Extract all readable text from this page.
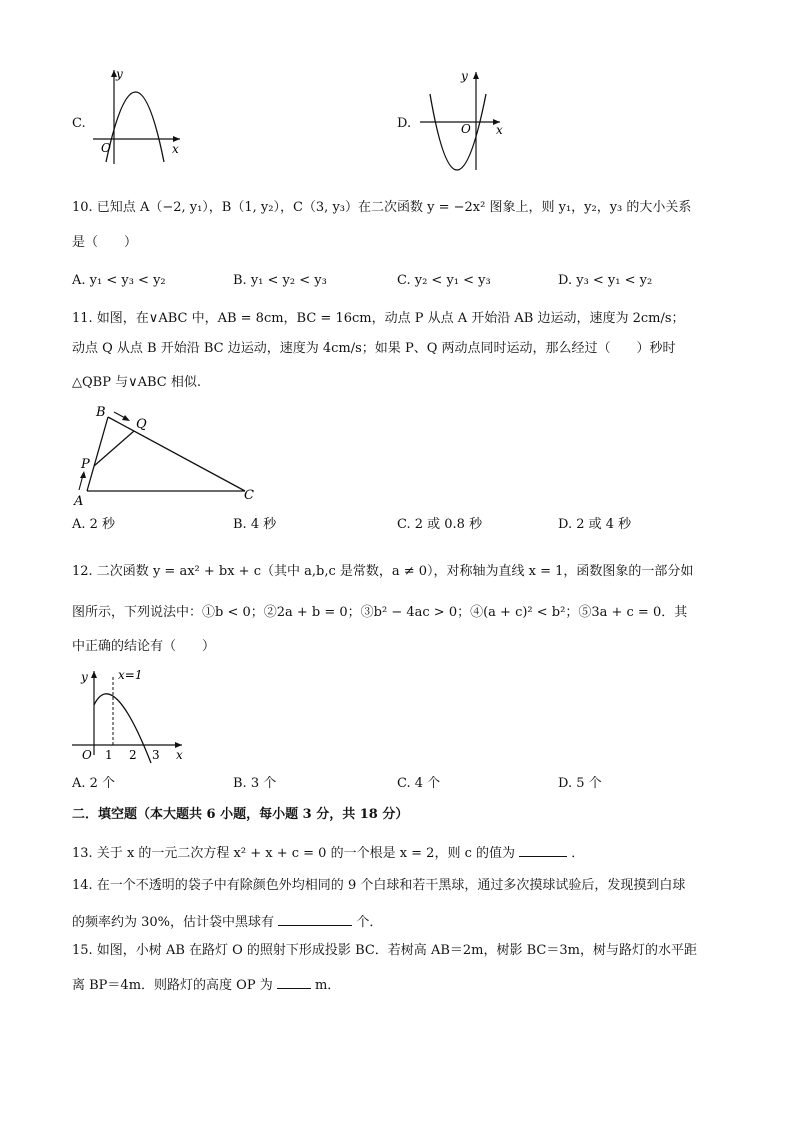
C.
y
x
O
D.
y
x
O
10. 已知点 A（−2, y₁），B（1, y₂），C（3, y₃）在二次函数 y = −2x² 图象上，则 y₁，y₂，y₃ 的大小关系
是（　　）
A. y₁ < y₃ < y₂	B. y₁ < y₂ < y₃	C. y₂ < y₁ < y₃	D. y₃ < y₁ < y₂
11. 如图，在∨ABC 中，AB = 8cm，BC = 16cm，动点 P 从点 A 开始沿 AB 边运动，速度为 2cm/s；
动点 Q 从点 B 开始沿 BC 边运动，速度为 4cm/s；如果 P、Q 两动点同时运动，那么经过（　　）秒时
△QBP 与∨ABC 相似.
B
Q
P
A	C
A. 2 秒	B. 4 秒	C. 2 或 0.8 秒	D. 2 或 4 秒
12. 二次函数 y = ax² + bx + c（其中 a,b,c 是常数，a ≠ 0），对称轴为直线 x = 1，函数图象的一部分如
图所示，下列说法中：①b < 0；②2a + b = 0；③b² − 4ac > 0；④(a + c)² < b²；⑤3a + c = 0．其
中正确的结论有（　　）
y
x
O 1 2 3
x=1
A. 2 个	B. 3 个	C. 4 个	D. 5 个
二．填空题（本大题共 6 小题，每小题 3 分，共 18 分）
13. 关于 x 的一元二次方程 x² + x + c = 0 的一个根是 x = 2，则 c 的值为	．
14. 在一个不透明的袋子中有除颜色外均相同的 9 个白球和若干黑球，通过多次摸球试验后，发现摸到白球
的频率约为 30%，估计袋中黑球有	个．
15. 如图，小树 AB 在路灯 O 的照射下形成投影 BC．若树高 AB＝2m，树影 BC＝3m，树与路灯的水平距
离 BP＝4m．则路灯的高度 OP 为	m．
